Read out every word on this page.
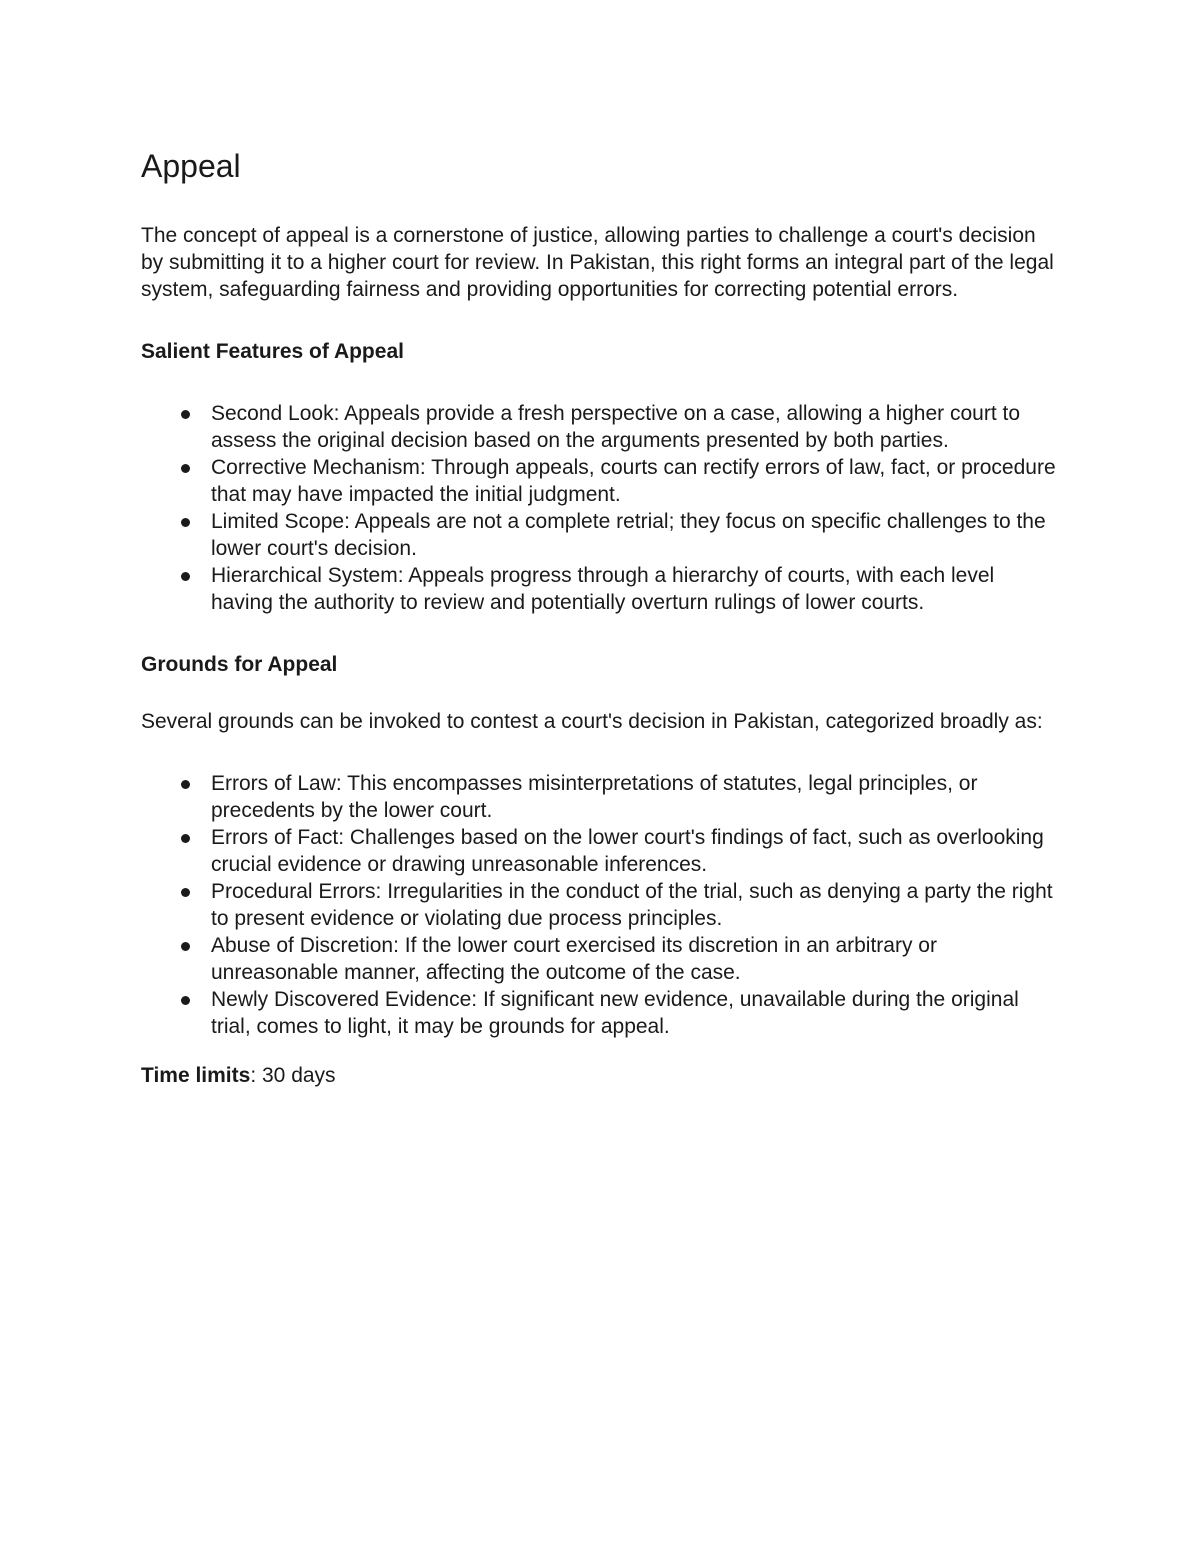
Appeal

The concept of appeal is a cornerstone of justice, allowing parties to challenge a court's decision by submitting it to a higher court for review. In Pakistan, this right forms an integral part of the legal system, safeguarding fairness and providing opportunities for correcting potential errors.

Salient Features of Appeal
Second Look: Appeals provide a fresh perspective on a case, allowing a higher court to assess the original decision based on the arguments presented by both parties.
Corrective Mechanism: Through appeals, courts can rectify errors of law, fact, or procedure that may have impacted the initial judgment.
Limited Scope: Appeals are not a complete retrial; they focus on specific challenges to the lower court's decision.
Hierarchical System: Appeals progress through a hierarchy of courts, with each level having the authority to review and potentially overturn rulings of lower courts.
Grounds for Appeal

Several grounds can be invoked to contest a court's decision in Pakistan, categorized broadly as:

Errors of Law: This encompasses misinterpretations of statutes, legal principles, or precedents by the lower court.
Errors of Fact: Challenges based on the lower court's findings of fact, such as overlooking crucial evidence or drawing unreasonable inferences.
Procedural Errors: Irregularities in the conduct of the trial, such as denying a party the right to present evidence or violating due process principles.
Abuse of Discretion: If the lower court exercised its discretion in an arbitrary or unreasonable manner, affecting the outcome of the case.
Newly Discovered Evidence: If significant new evidence, unavailable during the original trial, comes to light, it may be grounds for appeal.

Time limits: 30 days
